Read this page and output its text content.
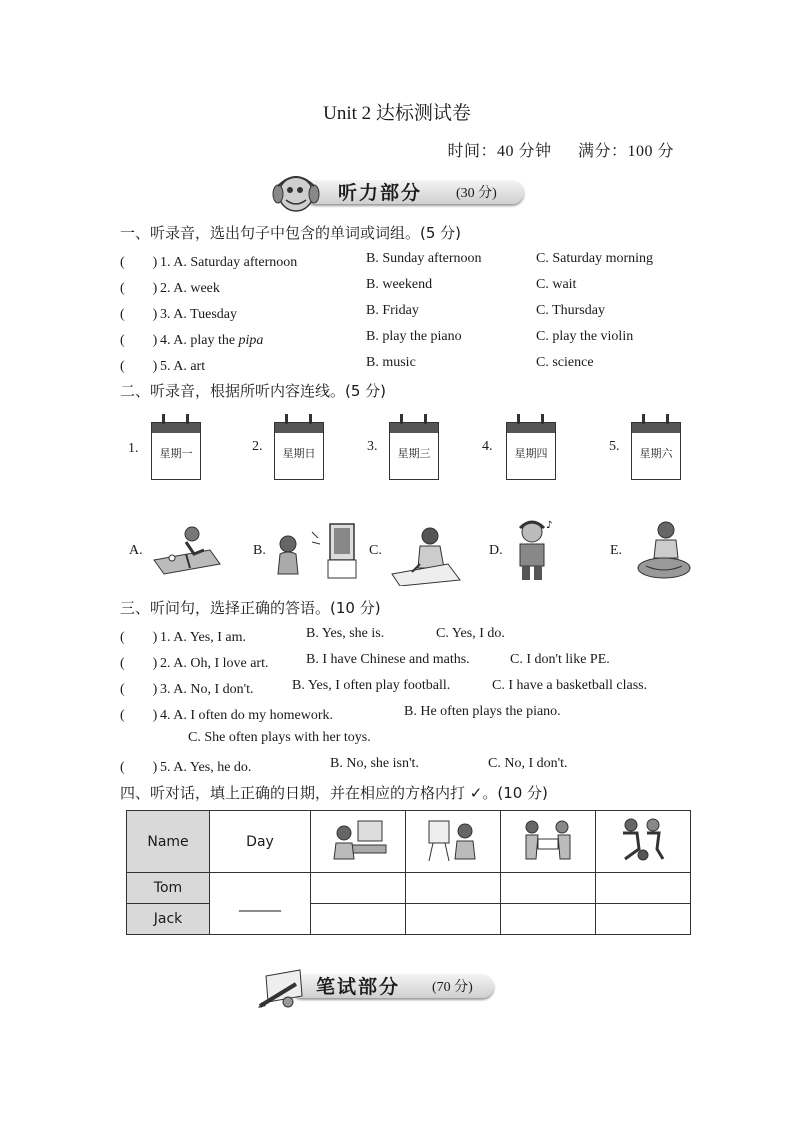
Unit 2 达标测试卷
时间：40 分钟 满分：100 分
听力部分 (30 分)
一、听录音，选出句子中包含的单词或词组。(5 分)
(　　) 1. A. Saturday afternoon	B. Sunday afternoon	C. Saturday morning
(　　) 2. A. week	B. weekend	C. wait
(　　) 3. A. Tuesday	B. Friday	C. Thursday
(　　) 4. A. play the pipa	B. play the piano	C. play the violin
(　　) 5. A. art	B. music	C. science
二、听录音，根据所听内容连线。(5 分)
1.	星期一	2.	星期日	3.	星期三	4.	星期四	5.	星期六
A.	B.	C.	D.
♪
E.
三、听问句，选择正确的答语。(10 分)
(　　) 1. A. Yes, I am.	B. Yes, she is.	C. Yes, I do.
(　　) 2. A. Oh, I love art.	B. I have Chinese and maths.	C. I don't like PE.
(　　) 3. A. No, I don't.	B. Yes, I often play football.	C. I have a basketball class.
(　　) 4. A. I often do my homework.	B. He often plays the piano.
C. She often plays with her toys.
(　　) 5. A. Yes, he do.	B. No, she isn't.	C. No, I don't.
四、听对话，填上正确的日期，并在相应的方格内打 ✓。(10 分)
Name	Day				
Tom	______				
Jack					
笔试部分 (70 分)
